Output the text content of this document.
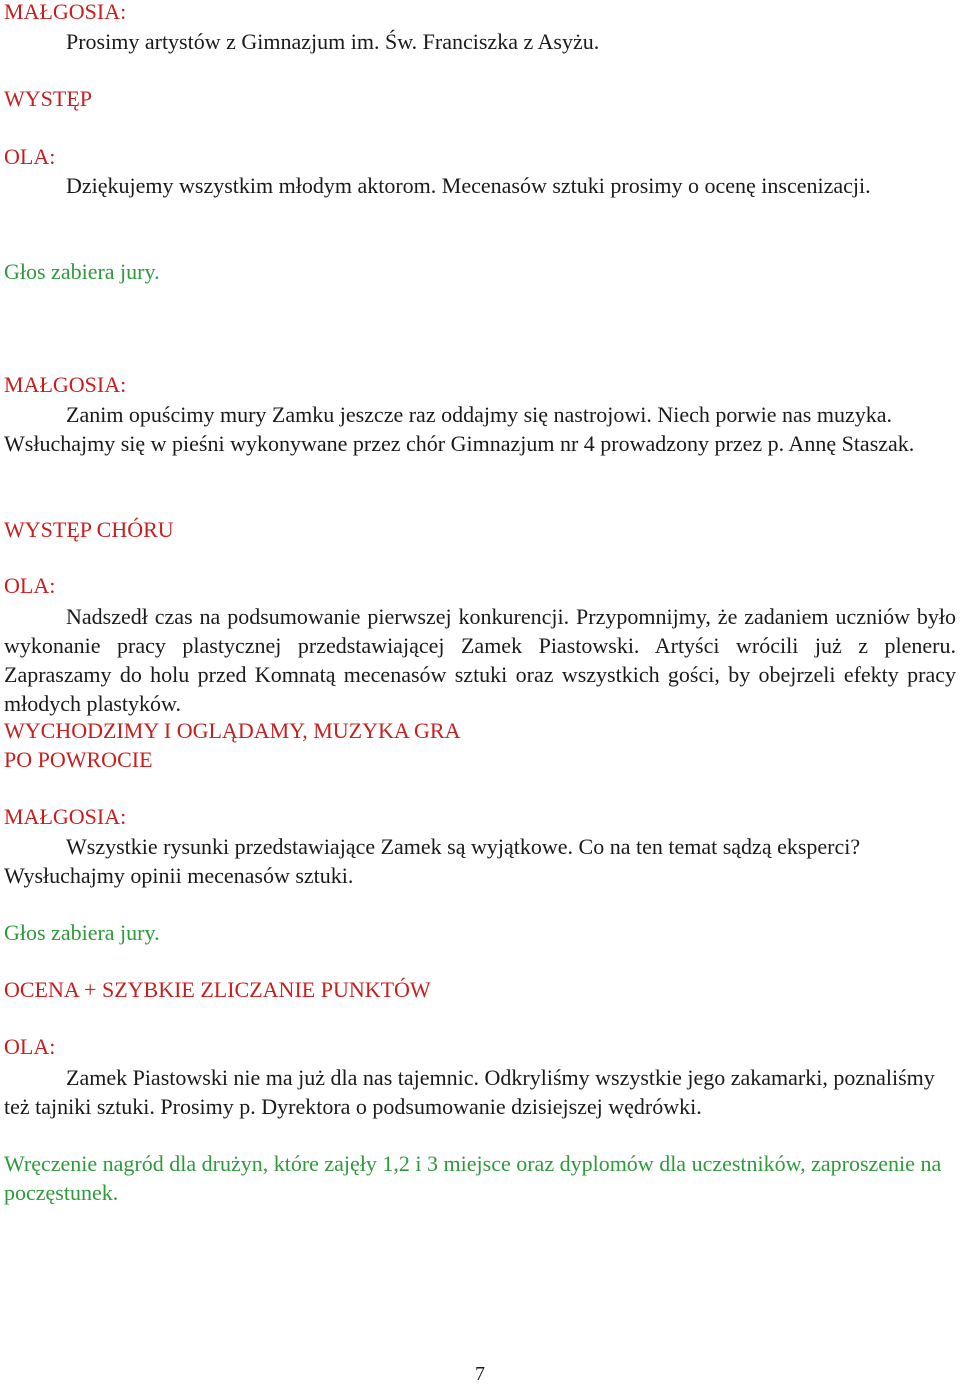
MAŁGOSIA:

Prosimy artystów z Gimnazjum im. Św. Franciszka z Asyżu.

WYSTĘP

OLA:

Dziękujemy wszystkim młodym aktorom. Mecenasów sztuki prosimy o ocenę inscenizacji.

Głos zabiera jury.

MAŁGOSIA:

Zanim opuścimy mury Zamku jeszcze raz oddajmy się nastrojowi. Niech porwie nas muzyka. Wsłuchajmy się w pieśni wykonywane przez chór Gimnazjum nr 4 prowadzony przez p. Annę Staszak.

WYSTĘP CHÓRU

OLA:

Nadszedł czas na podsumowanie pierwszej konkurencji. Przypomnijmy, że zadaniem uczniów było wykonanie pracy plastycznej przedstawiającej Zamek Piastowski. Artyści wrócili już z pleneru. Zapraszamy do holu przed Komnatą mecenasów sztuki oraz wszystkich gości, by obejrzeli efekty pracy młodych plastyków.

WYCHODZIMY I OGLĄDAMY, MUZYKA GRA

PO POWROCIE

MAŁGOSIA:

Wszystkie rysunki przedstawiające Zamek są wyjątkowe. Co na ten temat sądzą eksperci? Wysłuchajmy opinii mecenasów sztuki.

Głos zabiera jury.

OCENA + SZYBKIE ZLICZANIE PUNKTÓW

OLA:

Zamek Piastowski nie ma już dla nas tajemnic. Odkryliśmy wszystkie jego zakamarki, poznaliśmy też tajniki sztuki. Prosimy p. Dyrektora o podsumowanie dzisiejszej wędrówki.

Wręczenie nagród dla drużyn, które zajęły 1,2 i 3 miejsce oraz dyplomów dla uczestników, zaproszenie na poczęstunek.

7
